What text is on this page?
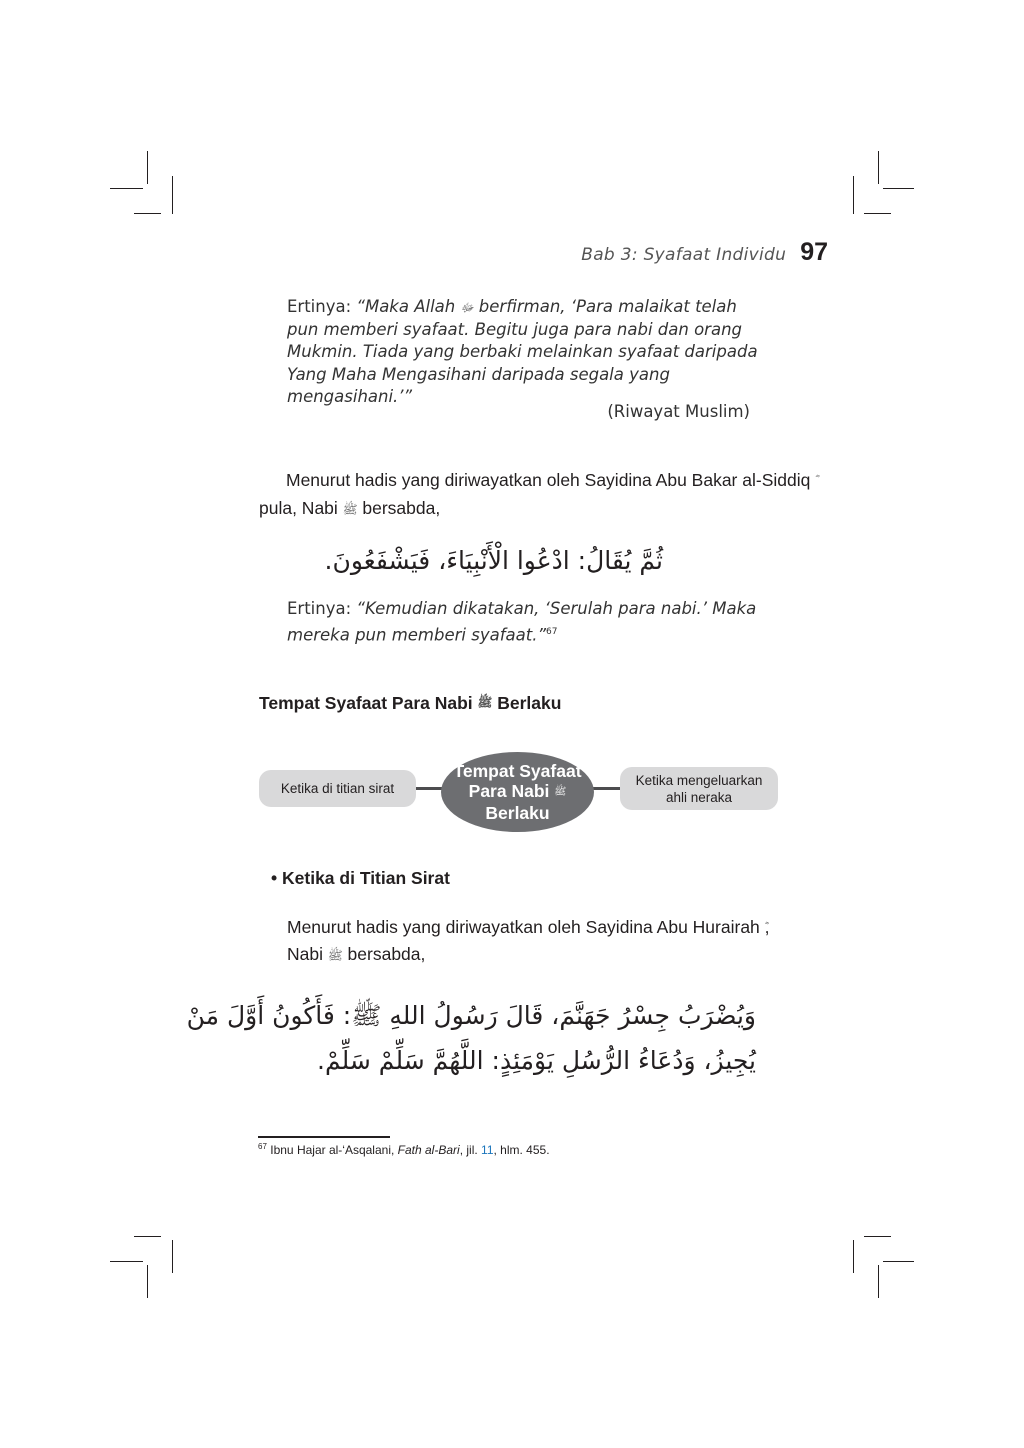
Bab 3: Syafaat Individu 97
Ertinya: “Maka Allah ﷻ berfirman, ‘Para malaikat telah pun memberi syafaat. Begitu juga para nabi dan orang Mukmin. Tiada yang berbaki melainkan syafaat daripada Yang Maha Mengasihani daripada segala yang mengasihani.’”
(Riwayat Muslim)
Menurut hadis yang diriwayatkan oleh Sayidina Abu Bakar al-Siddiq
pula, Nabi ﷺ bersabda,
ثُمَّ يُقَالُ: ادْعُوا الْأَنْبِيَاءَ، فَيَشْفَعُونَ.
Ertinya: “Kemudian dikatakan, ‘Serulah para nabi.’ Maka mereka pun memberi syafaat.”$^{67}$
Tempat Syafaat Para Nabi ﷺ Berlaku
Ketika di titian sirat
Ketika mengeluarkan ahli neraka
Tempat Syafaat
Para Nabi ﷺ
Berlaku
• Ketika di Titian Sirat
Menurut hadis yang diriwayatkan oleh Sayidina Abu Hurairah ,
Nabi ﷺ bersabda,
وَيُضْرَبُ جِسْرُ جَهَنَّمَ، قَالَ رَسُولُ اللهِ ﷺ: فَأَكُونُ أَوَّلَ مَنْ
يُجِيزُ، وَدُعَاءُ الرُّسُلِ يَوْمَئِذٍ: اللَّهُمَّ سَلِّمْ سَلِّمْ.
$^{67}$ Ibnu Hajar al-‘Asqalani, Fath al-Bari, jil. 11, hlm. 455.
